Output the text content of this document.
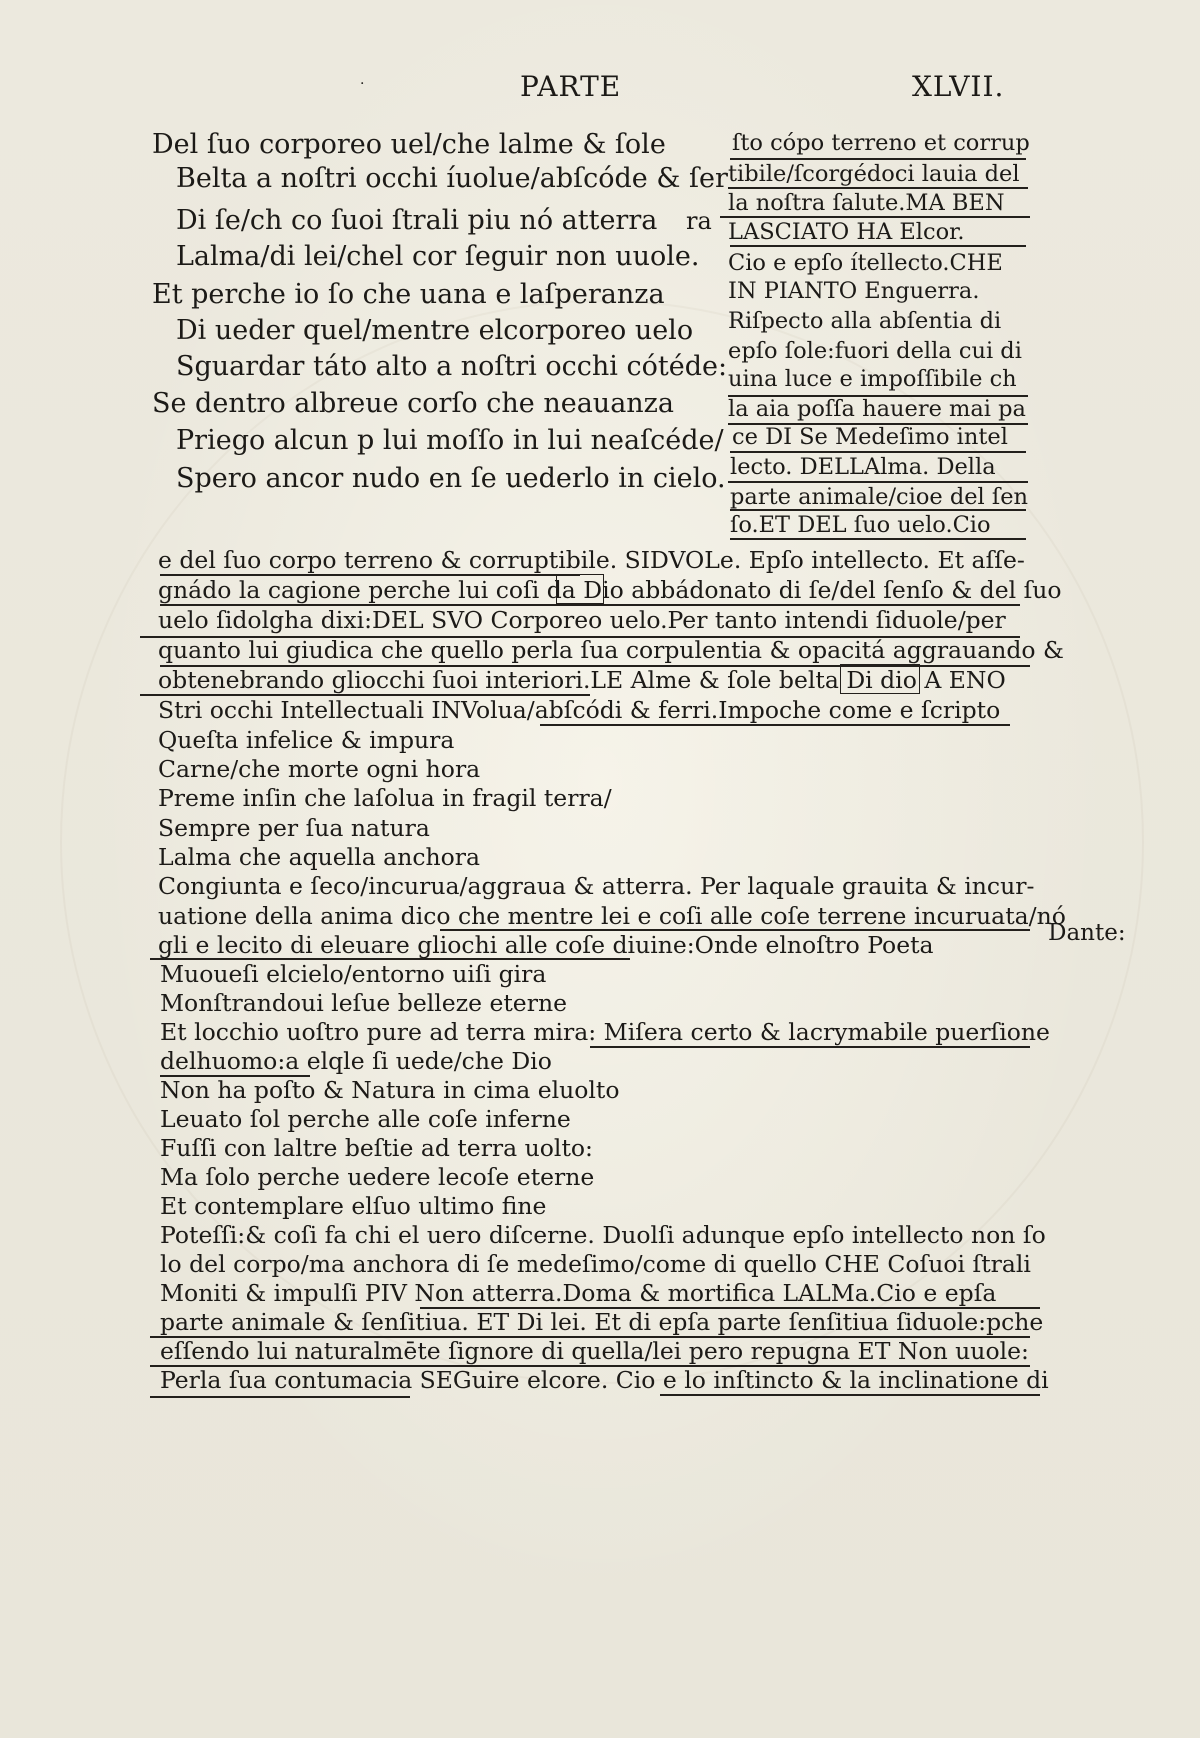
·	PARTE	XLVII.
Del ſuo corporeo uel/che lalme & ſole
Belta a noſtri occhi íuolue/abſcóde & ſer
Di ſe/ch co ſuoi ſtrali piu nó atterra
Lalma/di lei/chel cor ſeguir non uuole.
Et perche io ſo che uana e laſperanza
Di ueder quel/mentre elcorporeo uelo
Sguardar táto alto a noſtri occhi cótéde:
Se dentro albreue corſo che neauanza
Priego alcun p lui moſſo in lui neaſcéde/
Spero ancor nudo en ſe uederlo in cielo.
ra
ſto cópo terreno et corrup
tibile/ſcorgédoci lauia del
la noſtra ſalute.MA BEN
LASCIATO HA Elcor.
Cio e epſo ítellecto.CHE
IN PIANTO Enguerra.
Riſpecto alla abſentia di
epſo ſole:fuori della cui di
uina luce e impoſſibile ch
la aia poſſa hauere mai pa
ce DI Se Medeſimo intel
lecto. DELLAlma. Della
parte animale/cioe del ſen
ſo.ET DEL ſuo uelo.Cio
e del ſuo corpo terreno & corruptibile. SIDVOLe. Epſo intellecto. Et aſſe-
gnádo la cagione perche lui coſi da Dio abbádonato di ſe/del ſenſo & del ſuo
uelo ſidolgha dixi:DEL SVO Corporeo uelo.Per tanto intendi ſiduole/per
quanto lui giudica che quello perla ſua corpulentia & opacitá aggrauando &
obtenebrando gliocchi ſuoi interiori.LE Alme & ſole belta Di dio A ENO
Stri occhi Intellectuali INVolua/abſcódi & ferri.Impoche come e ſcripto
Queſta infelice & impura
Carne/che morte ogni hora
Preme inſin che laſolua in fragil terra/
Sempre per ſua natura
Lalma che aquella anchora
Congiunta e ſeco/incurua/aggraua & atterra. Per laquale grauita & incur-
uatione della anima dico che mentre lei e coſi alle coſe terrene incuruata/nó
gli e lecito di eleuare gliochi alle coſe diuine:Onde elnoſtro Poeta	Dante:
Muoueſi elcielo/entorno uiſi gira
Monſtrandoui leſue belleze eterne
Et locchio uoſtro pure ad terra mira: Miſera certo & lacrymabile puerſione
delhuomo:a elqle ſi uede/che Dio
Non ha poſto & Natura in cima eluolto
Leuato ſol perche alle coſe inferne
Fuſſi con laltre beſtie ad terra uolto:
Ma ſolo perche uedere lecoſe eterne
Et contemplare elſuo ultimo fine
Poteſſi:& coſi fa chi el uero diſcerne. Duolſi adunque epſo intellecto non ſo
lo del corpo/ma anchora di ſe medeſimo/come di quello CHE Coſuoi ſtrali
Moniti & impulſi PIV Non atterra.Doma & mortifica LALMa.Cio e epſa
parte animale & ſenſitiua. ET Di lei. Et di epſa parte ſenſitiua ſiduole:pche
eſſendo lui naturalmēte ſignore di quella/lei pero repugna ET Non uuole:
Perla ſua contumacia SEGuire elcore. Cio e lo inſtincto & la inclinatione di
